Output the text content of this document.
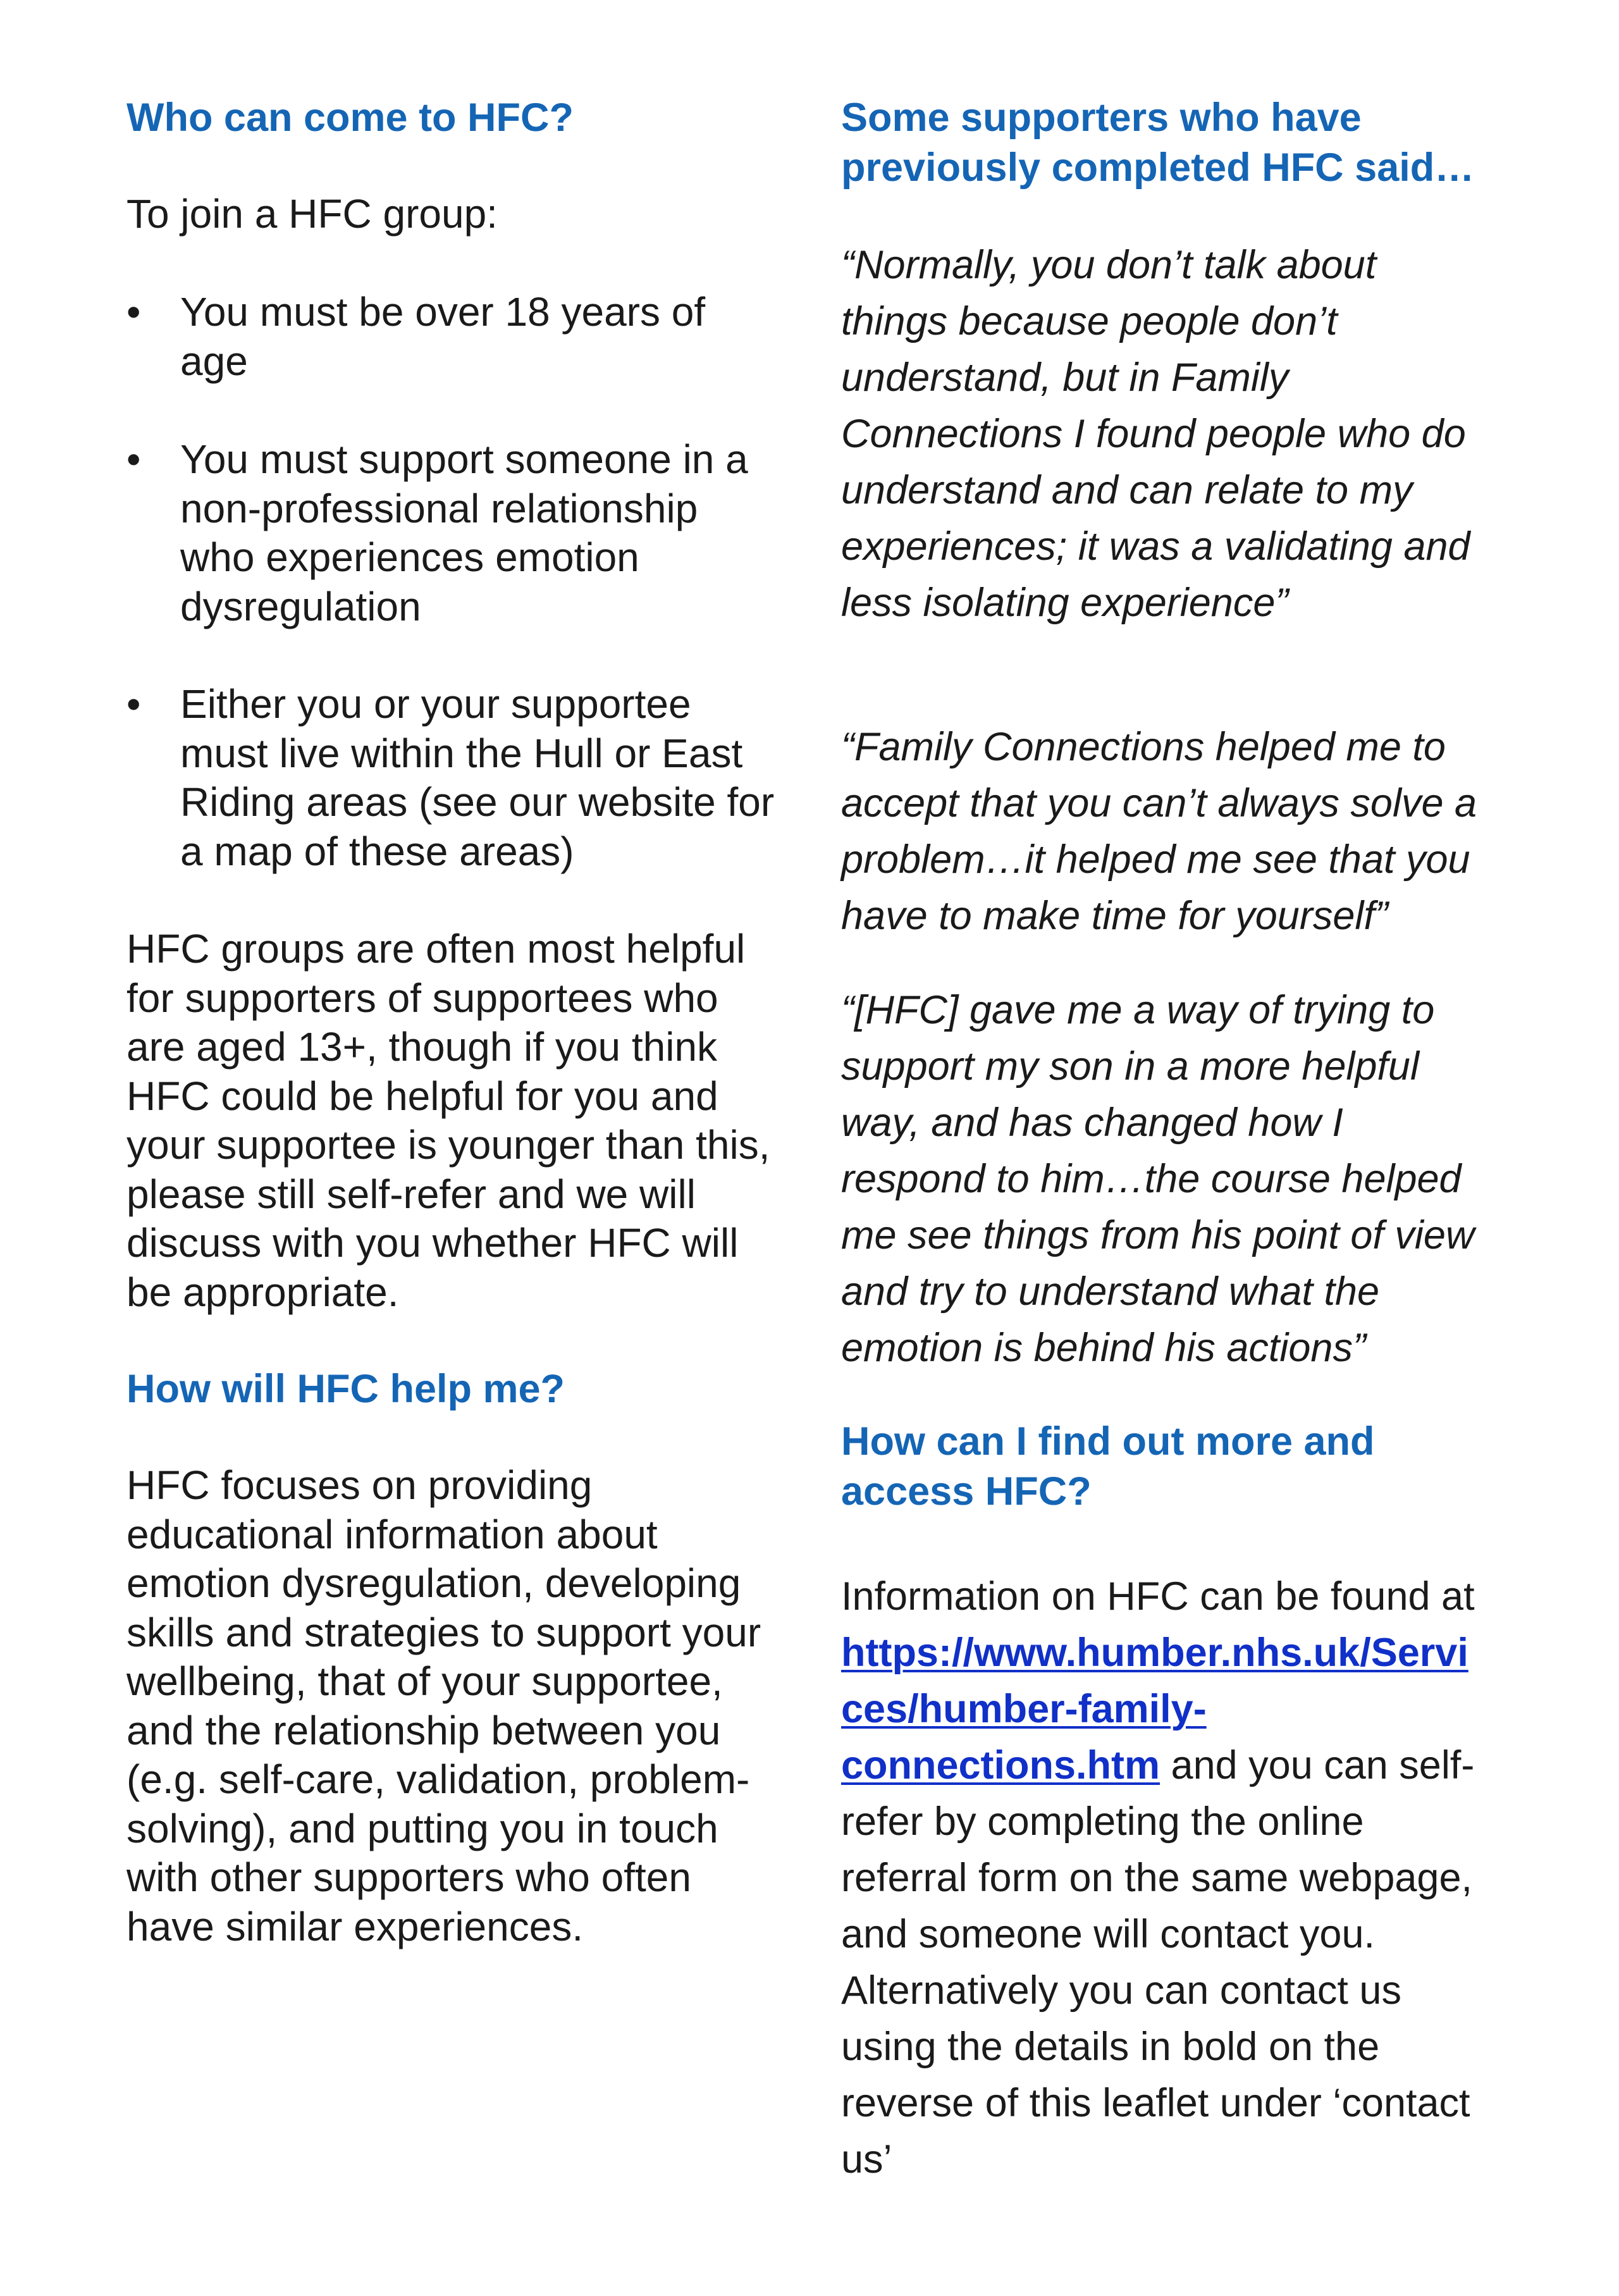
Who can come to HFC?

To join a HFC group:

• You must be over 18 years of
age

• You must support someone in a
non-professional relationship
who experiences emotion
dysregulation

• Either you or your supportee
must live within the Hull or East
Riding areas (see our website for
a map of these areas)

HFC groups are often most helpful
for supporters of supportees who
are aged 13+, though if you think
HFC could be helpful for you and
your supportee is younger than this,
please still self-refer and we will
discuss with you whether HFC will
be appropriate.

How will HFC help me?

HFC focuses on providing
educational information about
emotion dysregulation, developing
skills and strategies to support your
wellbeing, that of your supportee,
and the relationship between you
(e.g. self-care, validation, problem-
solving), and putting you in touch
with other supporters who often
have similar experiences.

Some supporters who have
previously completed HFC said…

“Normally, you don’t talk about
things because people don’t
understand, but in Family
Connections I found people who do
understand and can relate to my
experiences; it was a validating and
less isolating experience”

“Family Connections helped me to
accept that you can’t always solve a
problem…it helped me see that you
have to make time for yourself”

“[HFC] gave me a way of trying to
support my son in a more helpful
way, and has changed how I
respond to him…the course helped
me see things from his point of view
and try to understand what the
emotion is behind his actions”

How can I find out more and
access HFC?

Information on HFC can be found at
https://www.humber.nhs.uk/Servi
ces/humber-family-
connections.htm and you can self-
refer by completing the online
referral form on the same webpage,
and someone will contact you.
Alternatively you can contact us
using the details in bold on the
reverse of this leaflet under ‘contact
us’
